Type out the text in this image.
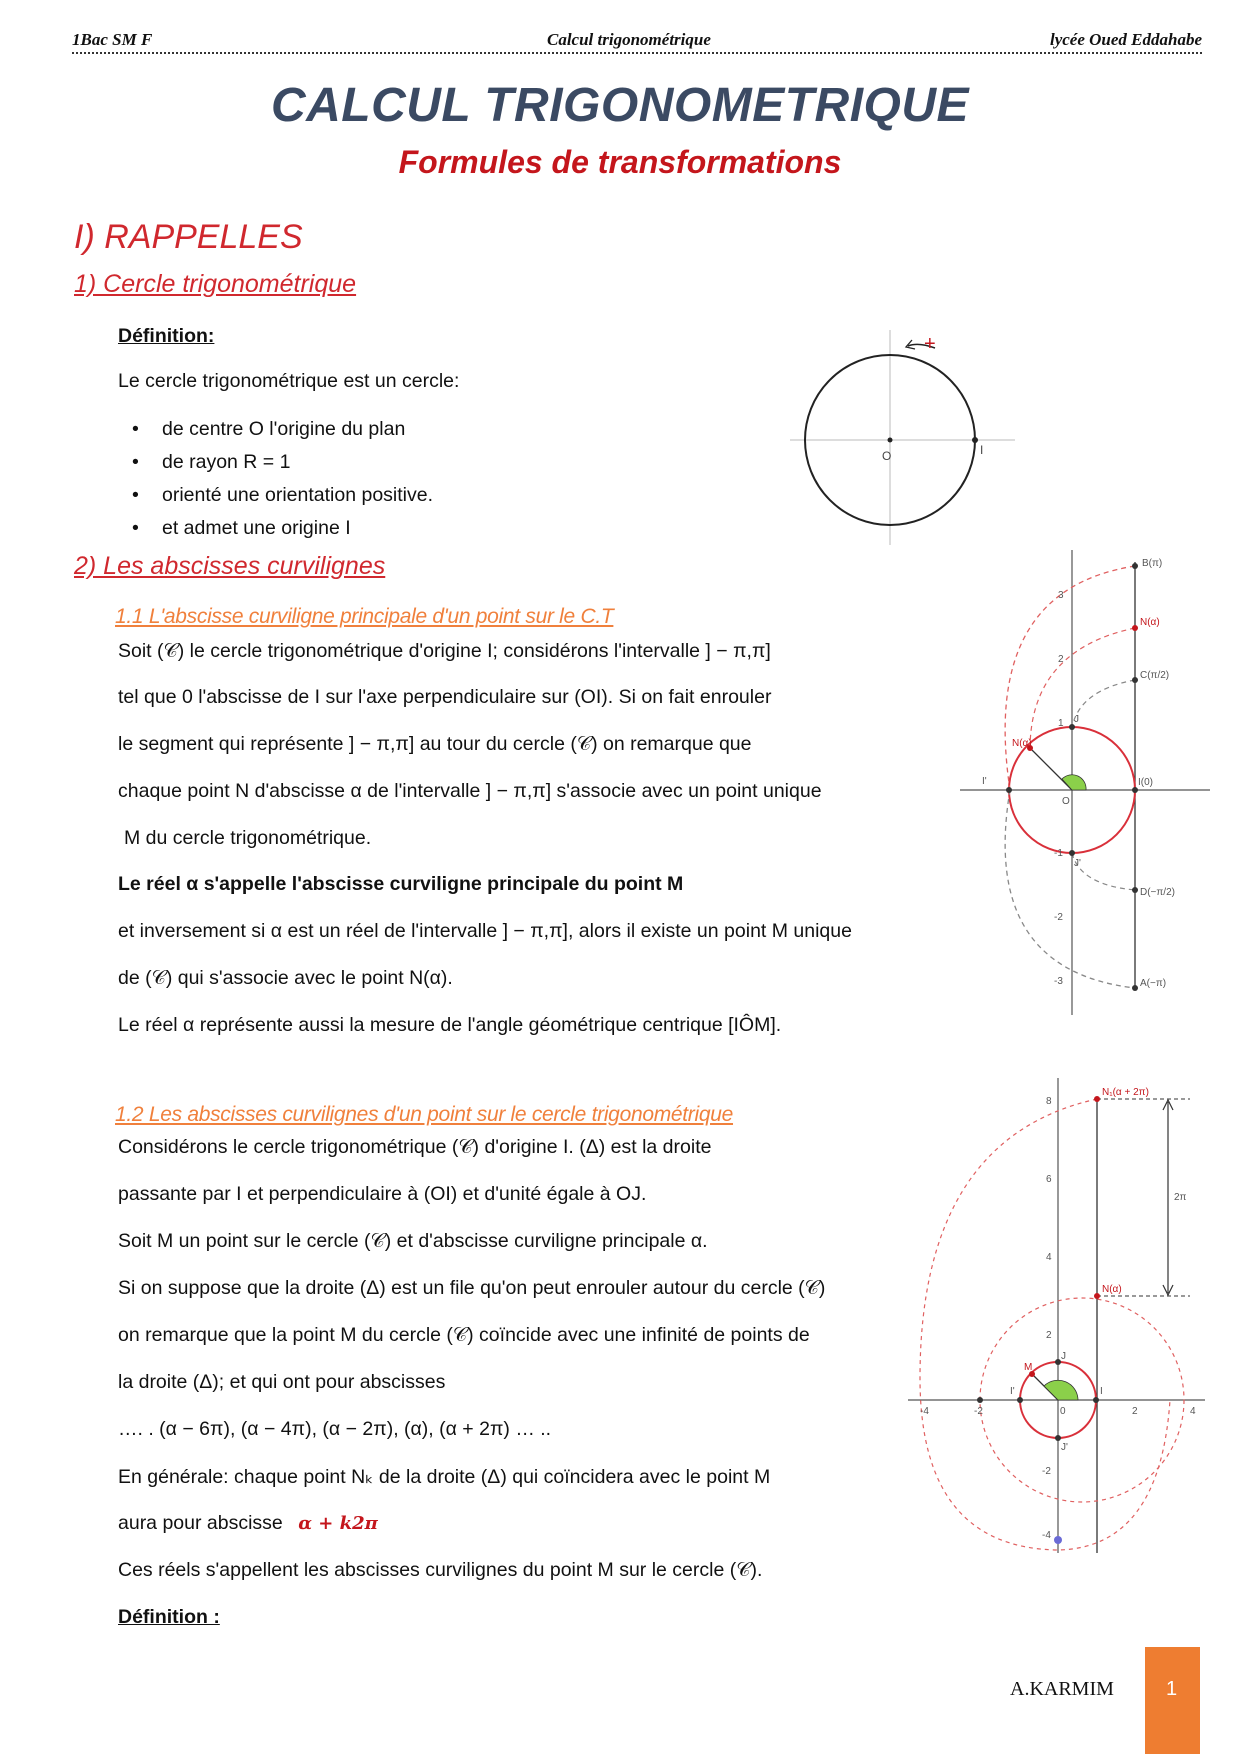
1Bac SM F	Calcul trigonométrique	lycée Oued Eddahabe
CALCUL TRIGONOMETRIQUE
Formules de transformations
I) RAPPELLES
1) Cercle trigonométrique
Définition:
Le cercle trigonométrique est un cercle:
• de centre O l'origine du plan
• de rayon R = 1
• orienté une orientation positive.
• et admet une origine I
+
O	I
2) Les abscisses curvilignes
1.1 L'abscisse curviligne principale d'un point sur le C.T
Soit (𝒞) le cercle trigonométrique d'origine I; considérons l'intervalle ] − π,π]
tel que 0 l'abscisse de I sur l'axe perpendiculaire sur (OI). Si on fait enrouler
le segment qui représente ] − π,π] au tour du cercle (𝒞) on remarque que
chaque point N d'abscisse α de l'intervalle ] − π,π] s'associe avec un point unique
M du cercle trigonométrique.
Le réel α s'appelle l'abscisse curviligne principale du point M
et inversement si α est un réel de l'intervalle ] − π,π], alors il existe un point M unique
de (𝒞) qui s'associe avec le point N(α).
Le réel α représente aussi la mesure de l'angle géométrique centrique [IÔM].
B(π)
N(α)
C(π/2)
D(−π/2)
A(−π)
I(0)
O
J
J'
I'
N(α)
3
2
1
-1
-2
-3
1.2 Les abscisses curvilignes d'un point sur le cercle trigonométrique
Considérons le cercle trigonométrique (𝒞) d'origine I. (Δ) est la droite
passante par I et perpendiculaire à (OI) et d'unité égale à OJ.
Soit M un point sur le cercle (𝒞) et d'abscisse curviligne principale α.
Si on suppose que la droite (Δ) est un file qu'on peut enrouler autour du cercle (𝒞)
on remarque que la point M du cercle (𝒞) coïncide avec une infinité de points de
la droite (Δ); et qui ont pour abscisses
…. . (α − 6π), (α − 4π), (α − 2π), (α), (α + 2π) … ..
En générale: chaque point Nₖ de la droite (Δ) qui coïncidera avec le point M
aura pour abscisse α + k2π
Ces réels s'appellent les abscisses curvilignes du point M sur le cercle (𝒞).
Définition :
N₁(α + 2π)
N(α)
2π
M
I
I'
J
J'
0
8
6
4
2
-2
-4
-4	-2	2	4
A.KARMIM	1
